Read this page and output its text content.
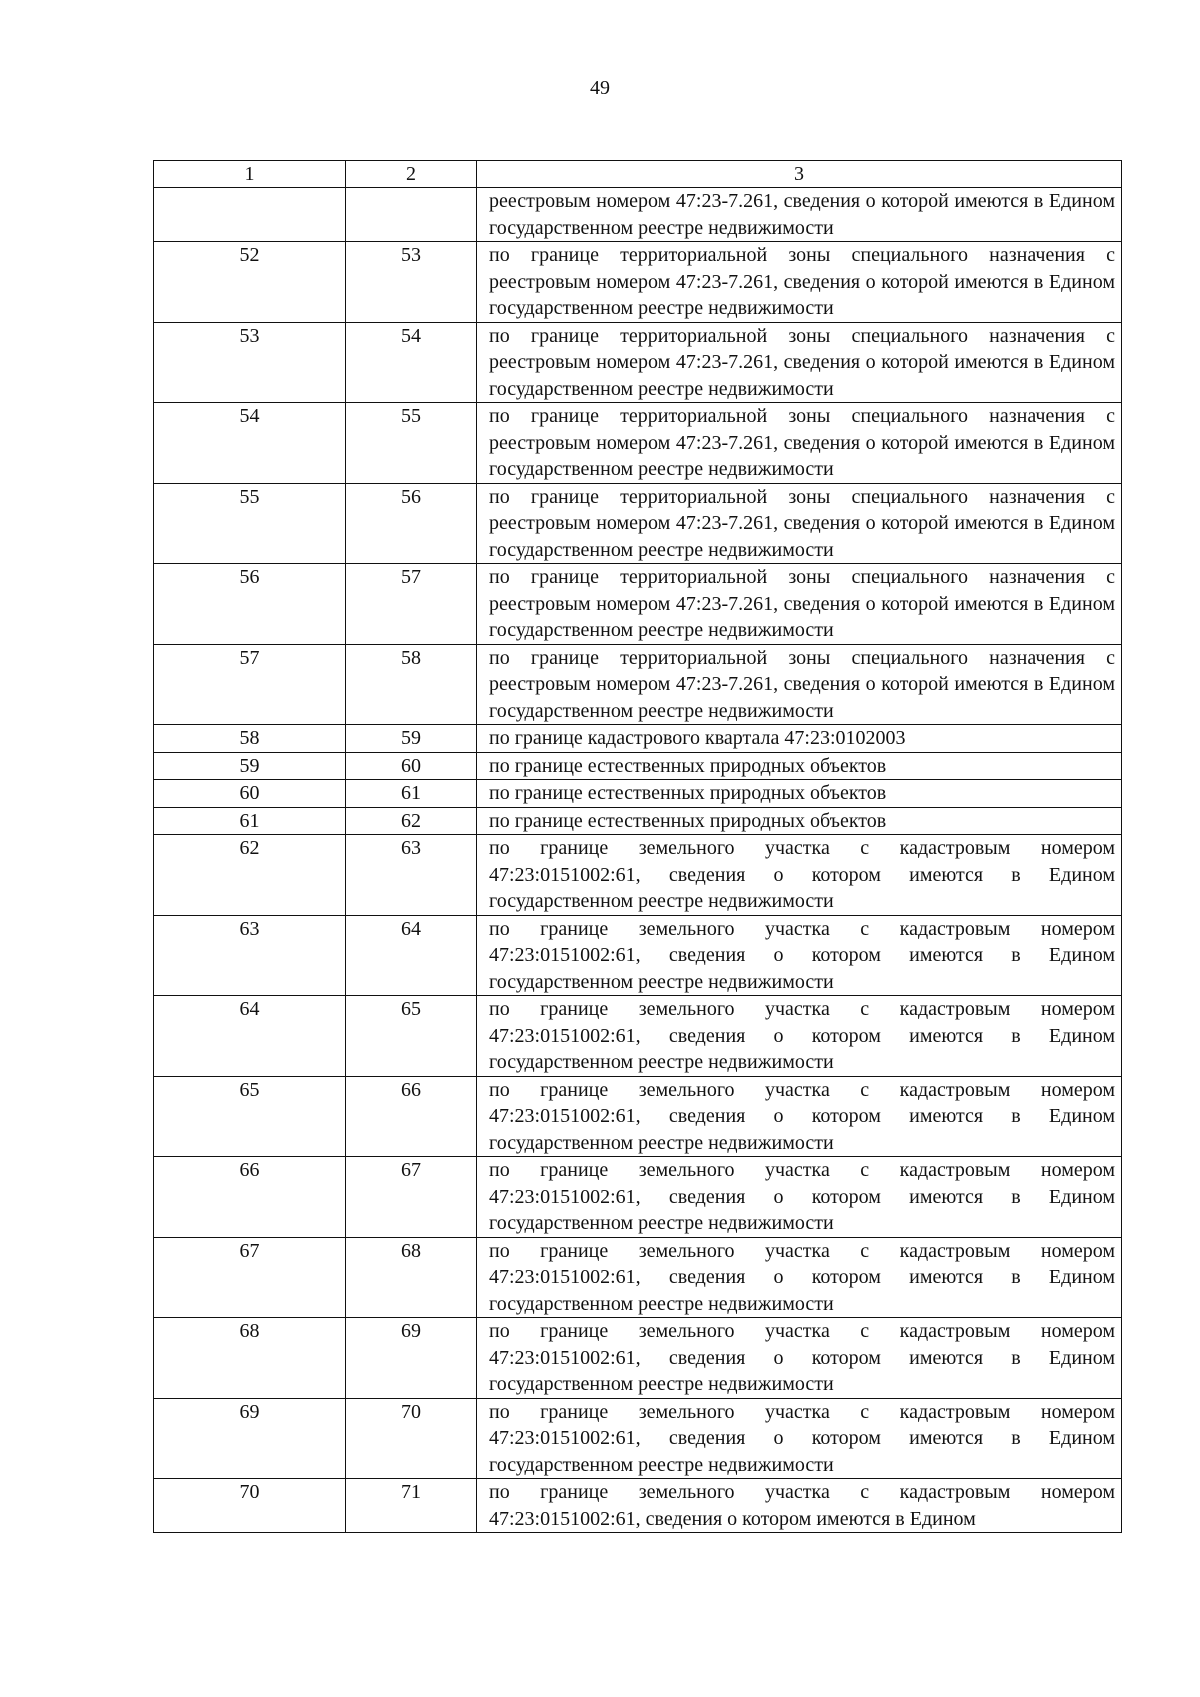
49
1	2	3

		реестровым номером 47:23-7.261, сведения о которой имеются в Едином государственном реестре недвижимости

52	53	по границе территориальной зоны специального назначения с реестровым номером 47:23-7.261, сведения о которой имеются в Едином государственном реестре недвижимости

53	54	по границе территориальной зоны специального назначения с реестровым номером 47:23-7.261, сведения о которой имеются в Едином государственном реестре недвижимости

54	55	по границе территориальной зоны специального назначения с реестровым номером 47:23-7.261, сведения о которой имеются в Едином государственном реестре недвижимости

55	56	по границе территориальной зоны специального назначения с реестровым номером 47:23-7.261, сведения о которой имеются в Едином государственном реестре недвижимости

56	57	по границе территориальной зоны специального назначения с реестровым номером 47:23-7.261, сведения о которой имеются в Едином государственном реестре недвижимости

57	58	по границе территориальной зоны специального назначения с реестровым номером 47:23-7.261, сведения о которой имеются в Едином государственном реестре недвижимости

58	59	по границе кадастрового квартала 47:23:0102003

59	60	по границе естественных природных объектов

60	61	по границе естественных природных объектов

61	62	по границе естественных природных объектов

62	63	по границе земельного участка с кадастровым номером 47:23:0151002:61, сведения о котором имеются в Едином государственном реестре недвижимости

63	64	по границе земельного участка с кадастровым номером 47:23:0151002:61, сведения о котором имеются в Едином государственном реестре недвижимости

64	65	по границе земельного участка с кадастровым номером 47:23:0151002:61, сведения о котором имеются в Едином государственном реестре недвижимости

65	66	по границе земельного участка с кадастровым номером 47:23:0151002:61, сведения о котором имеются в Едином государственном реестре недвижимости

66	67	по границе земельного участка с кадастровым номером 47:23:0151002:61, сведения о котором имеются в Едином государственном реестре недвижимости

67	68	по границе земельного участка с кадастровым номером 47:23:0151002:61, сведения о котором имеются в Едином государственном реестре недвижимости

68	69	по границе земельного участка с кадастровым номером 47:23:0151002:61, сведения о котором имеются в Едином государственном реестре недвижимости

69	70	по границе земельного участка с кадастровым номером 47:23:0151002:61, сведения о котором имеются в Едином государственном реестре недвижимости

70	71	по границе земельного участка с кадастровым номером 47:23:0151002:61, сведения о котором имеются в Едином
